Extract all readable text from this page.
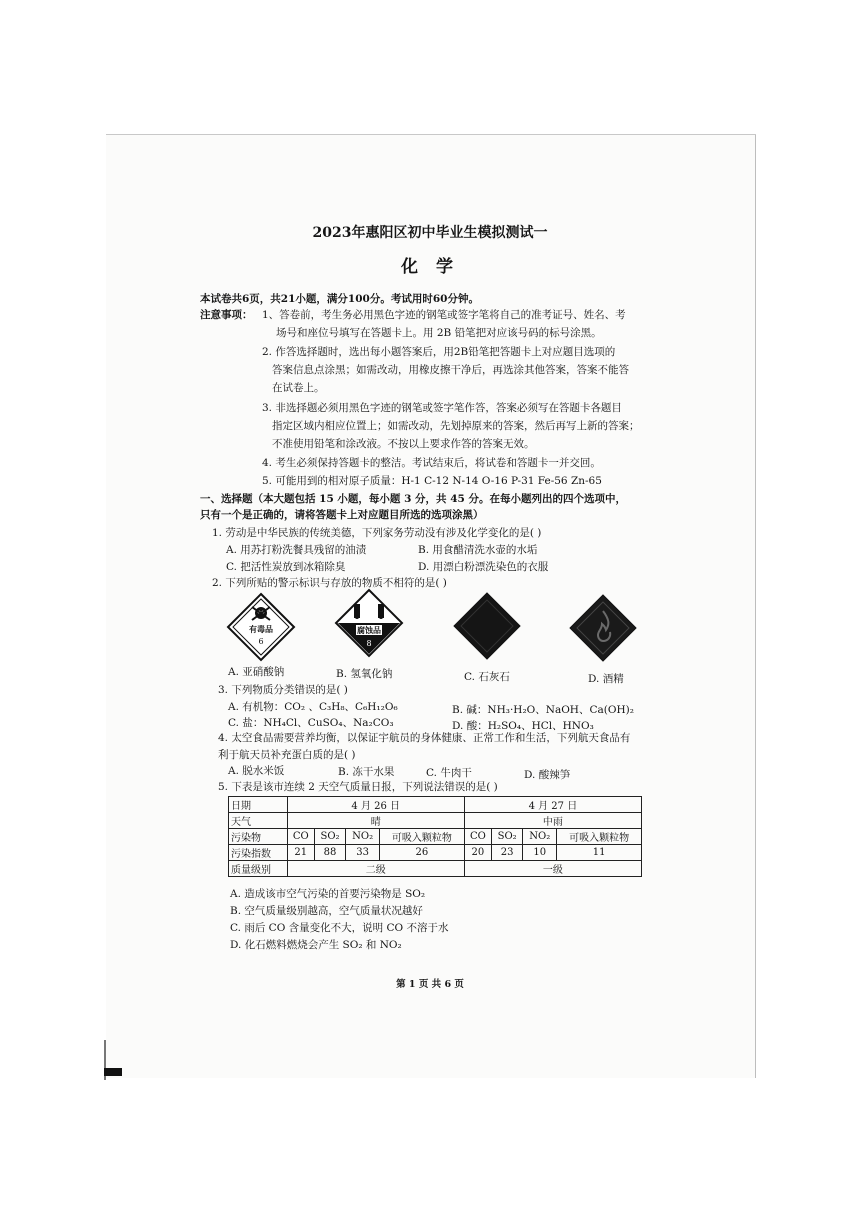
2023年惠阳区初中毕业生模拟测试一
化 学
本试卷共6页，共21小题，满分100分。考试用时60分钟。
注意事项： 1、答卷前，考生务必用黑色字迹的钢笔或签字笔将自己的准考证号、姓名、考
场号和座位号填写在答题卡上。用 2B 铅笔把对应该号码的标号涂黑。
2. 作答选择题时，选出每小题答案后，用2B铅笔把答题卡上对应题目选项的
答案信息点涂黑；如需改动，用橡皮擦干净后，再选涂其他答案，答案不能答
在试卷上。
3. 非选择题必须用黑色字迹的钢笔或签字笔作答，答案必须写在答题卡各题目
指定区域内相应位置上；如需改动，先划掉原来的答案，然后再写上新的答案；
不准使用铅笔和涂改液。不按以上要求作答的答案无效。
4. 考生必须保持答题卡的整洁。考试结束后，将试卷和答题卡一并交回。
5. 可能用到的相对原子质量：H-1 C-12 N-14 O-16 P-31 Fe-56 Zn-65
一、选择题（本大题包括 15 小题，每小题 3 分，共 45 分。在每小题列出的四个选项中，
只有一个是正确的，请将答题卡上对应题目所选的选项涂黑）
1. 劳动是中华民族的传统美德，下列家务劳动没有涉及化学变化的是( )
A. 用苏打粉洗餐具残留的油渍	B. 用食醋清洗水壶的水垢
C. 把活性炭放到冰箱除臭	D. 用漂白粉漂洗染色的衣服
2. 下列所贴的警示标识与存放的物质不相符的是( )
有毒品
6
腐蚀品
8
A. 亚硝酸钠	B. 氢氧化钠	C. 石灰石	D. 酒精
3. 下列物质分类错误的是( )
A. 有机物：CO₂ 、C₃H₈、C₆H₁₂O₆	B. 碱：NH₃·H₂O、NaOH、Ca(OH)₂
C. 盐：NH₄Cl、CuSO₄、Na₂CO₃	D. 酸：H₂SO₄、HCl、HNO₃
4. 太空食品需要营养均衡，以保证宇航员的身体健康、正常工作和生活，下列航天食品有
利于航天员补充蛋白质的是( )
A. 脱水米饭	B. 冻干水果	C. 牛肉干	D. 酸辣笋
5. 下表是该市连续 2 天空气质量日报，下列说法错误的是( )
日期	4 月 26 日				4 月 27 日			
天气	晴				中雨			
污染物	CO	SO₂	NO₂	可吸入颗粒物	CO	SO₂	NO₂	可吸入颗粒物
污染指数	21	88	33	26	20	23	10	11
质量级别	二级				一级			
A. 造成该市空气污染的首要污染物是 SO₂
B. 空气质量级别越高，空气质量状况越好
C. 雨后 CO 含量变化不大，说明 CO 不溶于水
D. 化石燃料燃烧会产生 SO₂ 和 NO₂
第 1 页 共 6 页
